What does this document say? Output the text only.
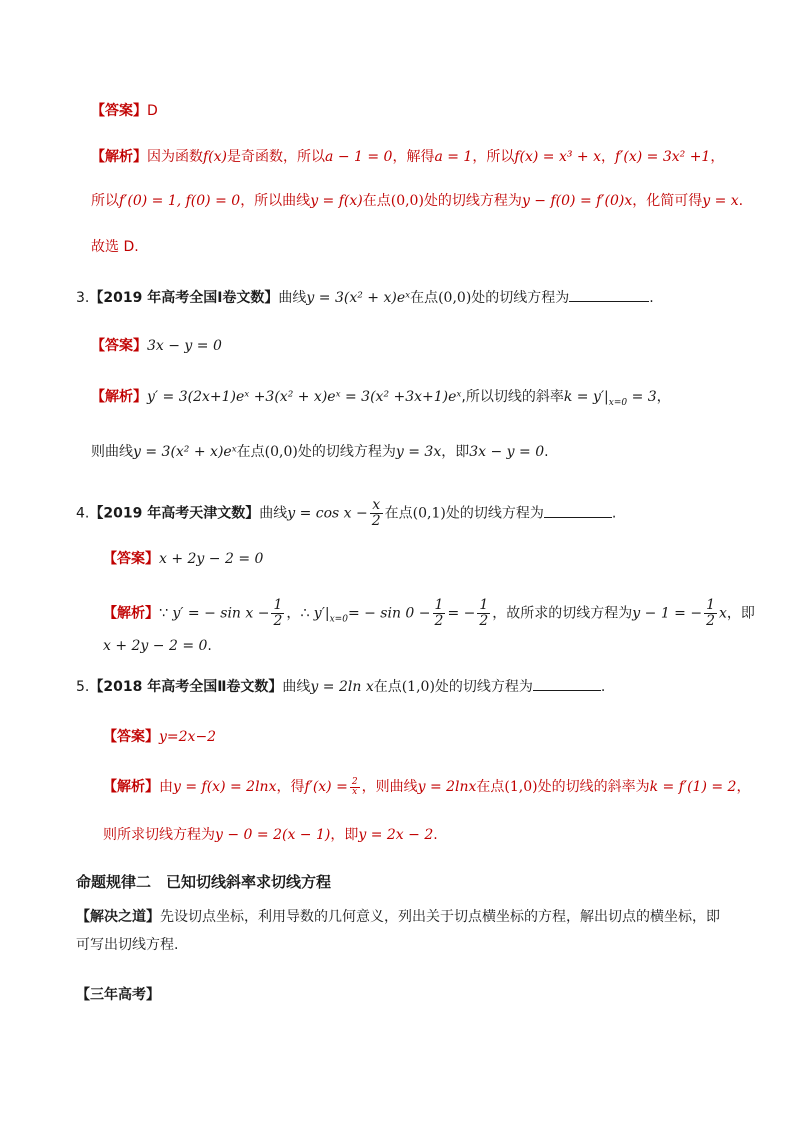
【答案】D
【解析】因为函数f(x)是奇函数，所以a − 1 = 0，解得a = 1，所以f(x) = x³ + x，f′(x) = 3x² +1，
所以f′(0) = 1, f(0) = 0，所以曲线y = f(x)在点(0,0)处的切线方程为y − f(0) = f′(0)x，化简可得y = x.
故选 D.
3.【2019 年高考全国Ⅰ卷文数】曲线y = 3(x² + x)eˣ在点(0,0)处的切线方程为	.
【答案】3x − y = 0
【解析】y′ = 3(2x+1)eˣ +3(x² + x)eˣ = 3(x² +3x+1)eˣ,所以切线的斜率$k = y'|_{x=0} = 3$，
则曲线y = 3(x² + x)eˣ在点(0,0)处的切线方程为y = 3x，即3x − y = 0.
4.【2019 年高考天津文数】曲线$y = \cos x - \frac{x}{2}$ 在点(0,1)处的切线方程为	.
【答案】x + 2y − 2 = 0
【解析】∵ y′ = − $\sin x - \frac{1}{2}$ ，∴ $y'|_{x=0}= - \sin 0 - \frac{1}{2}$ = − $\frac{1}{2}$ ，故所求的切线方程为y − 1 = − $\frac{1}{2}$ x，即
x + 2y − 2 = 0.
5.【2018 年高考全国Ⅱ卷文数】曲线y = 2ln x在点(1,0)处的切线方程为	.
【答案】y=2x−2
【解析】由y = f(x) = 2lnx，得$f'(x) = \frac{2}{x}$ ，则曲线y = 2lnx在点(1,0)处的切线的斜率为k = f′(1) = 2，
则所求切线方程为y − 0 = 2(x − 1)，即y = 2x − 2.
命题规律二　已知切线斜率求切线方程
【解决之道】先设切点坐标，利用导数的几何意义，列出关于切点横坐标的方程，解出切点的横坐标，即
可写出切线方程.
【三年高考】
